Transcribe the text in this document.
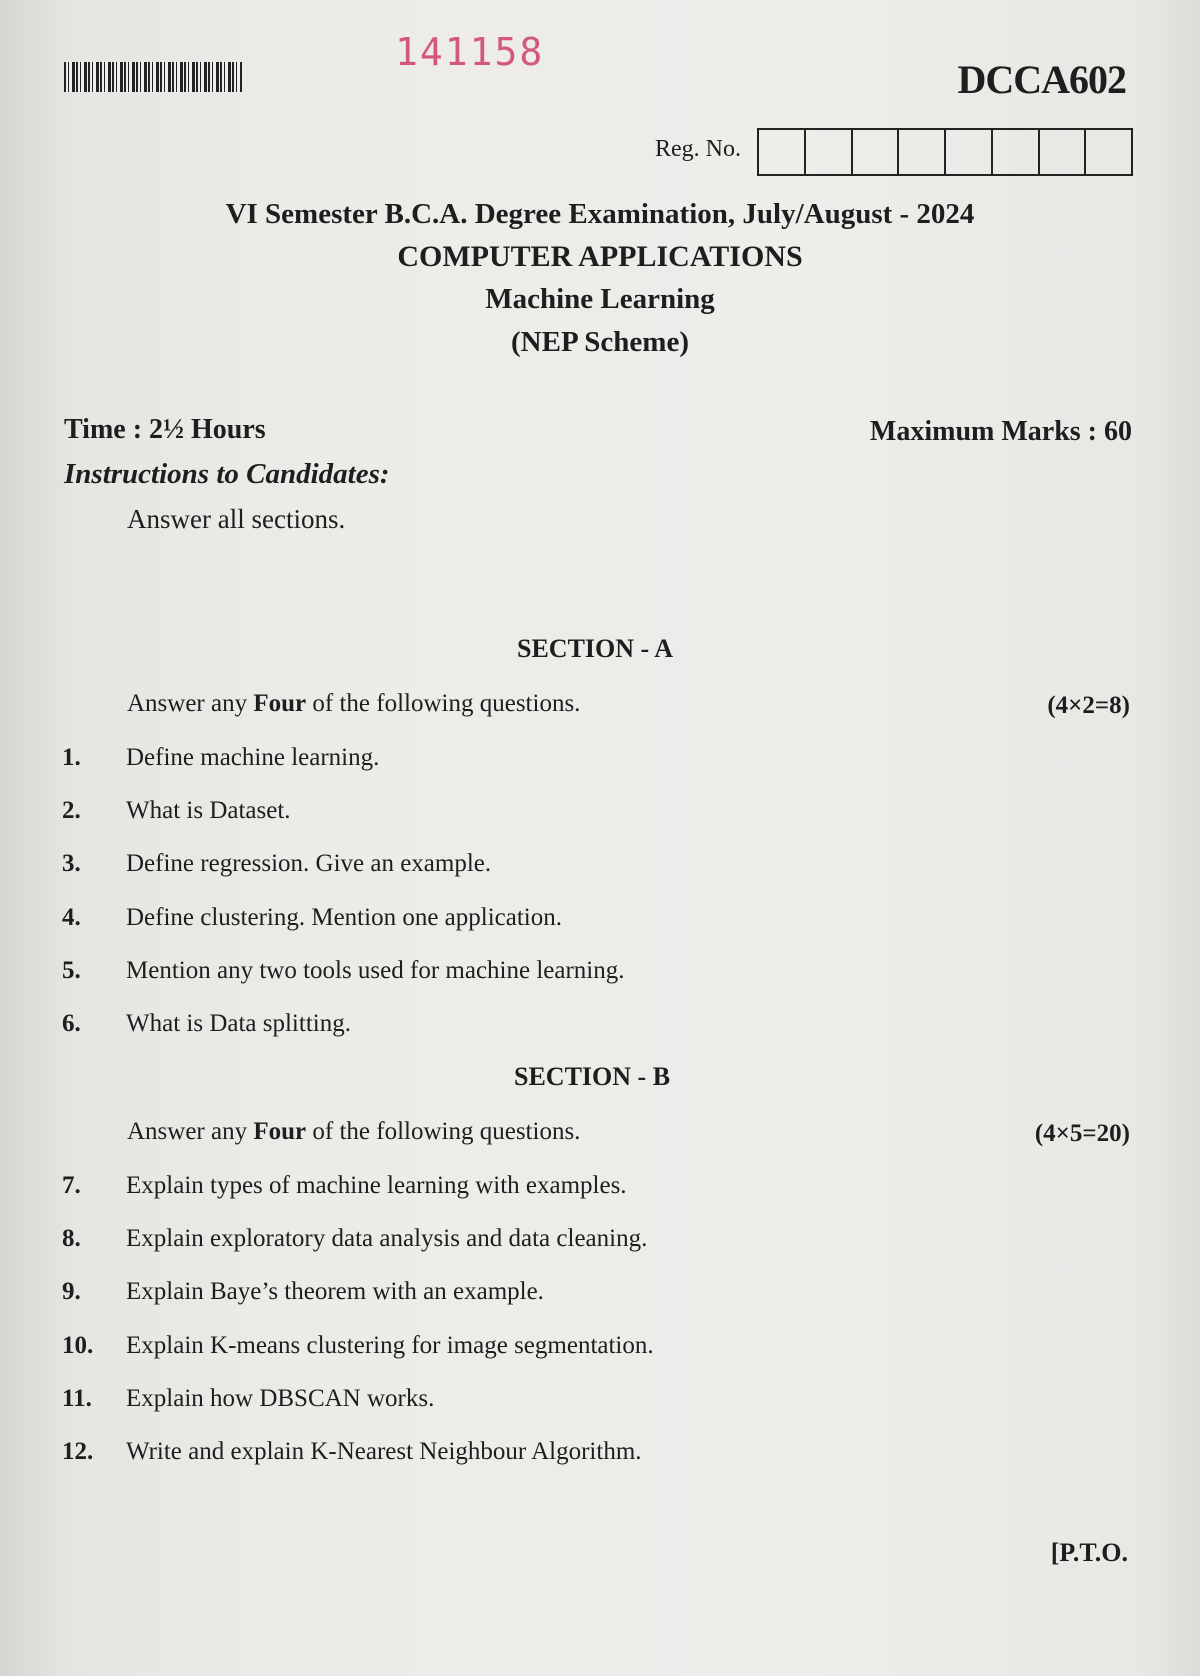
141158
DCCA602
Reg. No.
VI Semester B.C.A. Degree Examination, July/August - 2024
COMPUTER APPLICATIONS
Machine Learning
(NEP Scheme)
Time : 2½ Hours	Maximum Marks : 60
Instructions to Candidates:
Answer all sections.
SECTION - A
Answer any Four of the following questions.	(4×2=8)
1.	Define machine learning.
2.	What is Dataset.
3.	Define regression. Give an example.
4.	Define clustering. Mention one application.
5.	Mention any two tools used for machine learning.
6.	What is Data splitting.
SECTION - B
Answer any Four of the following questions.	(4×5=20)
7.	Explain types of machine learning with examples.
8.	Explain exploratory data analysis and data cleaning.
9.	Explain Baye’s theorem with an example.
10.	Explain K-means clustering for image segmentation.
11.	Explain how DBSCAN works.
12.	Write and explain K-Nearest Neighbour Algorithm.
[P.T.O.
